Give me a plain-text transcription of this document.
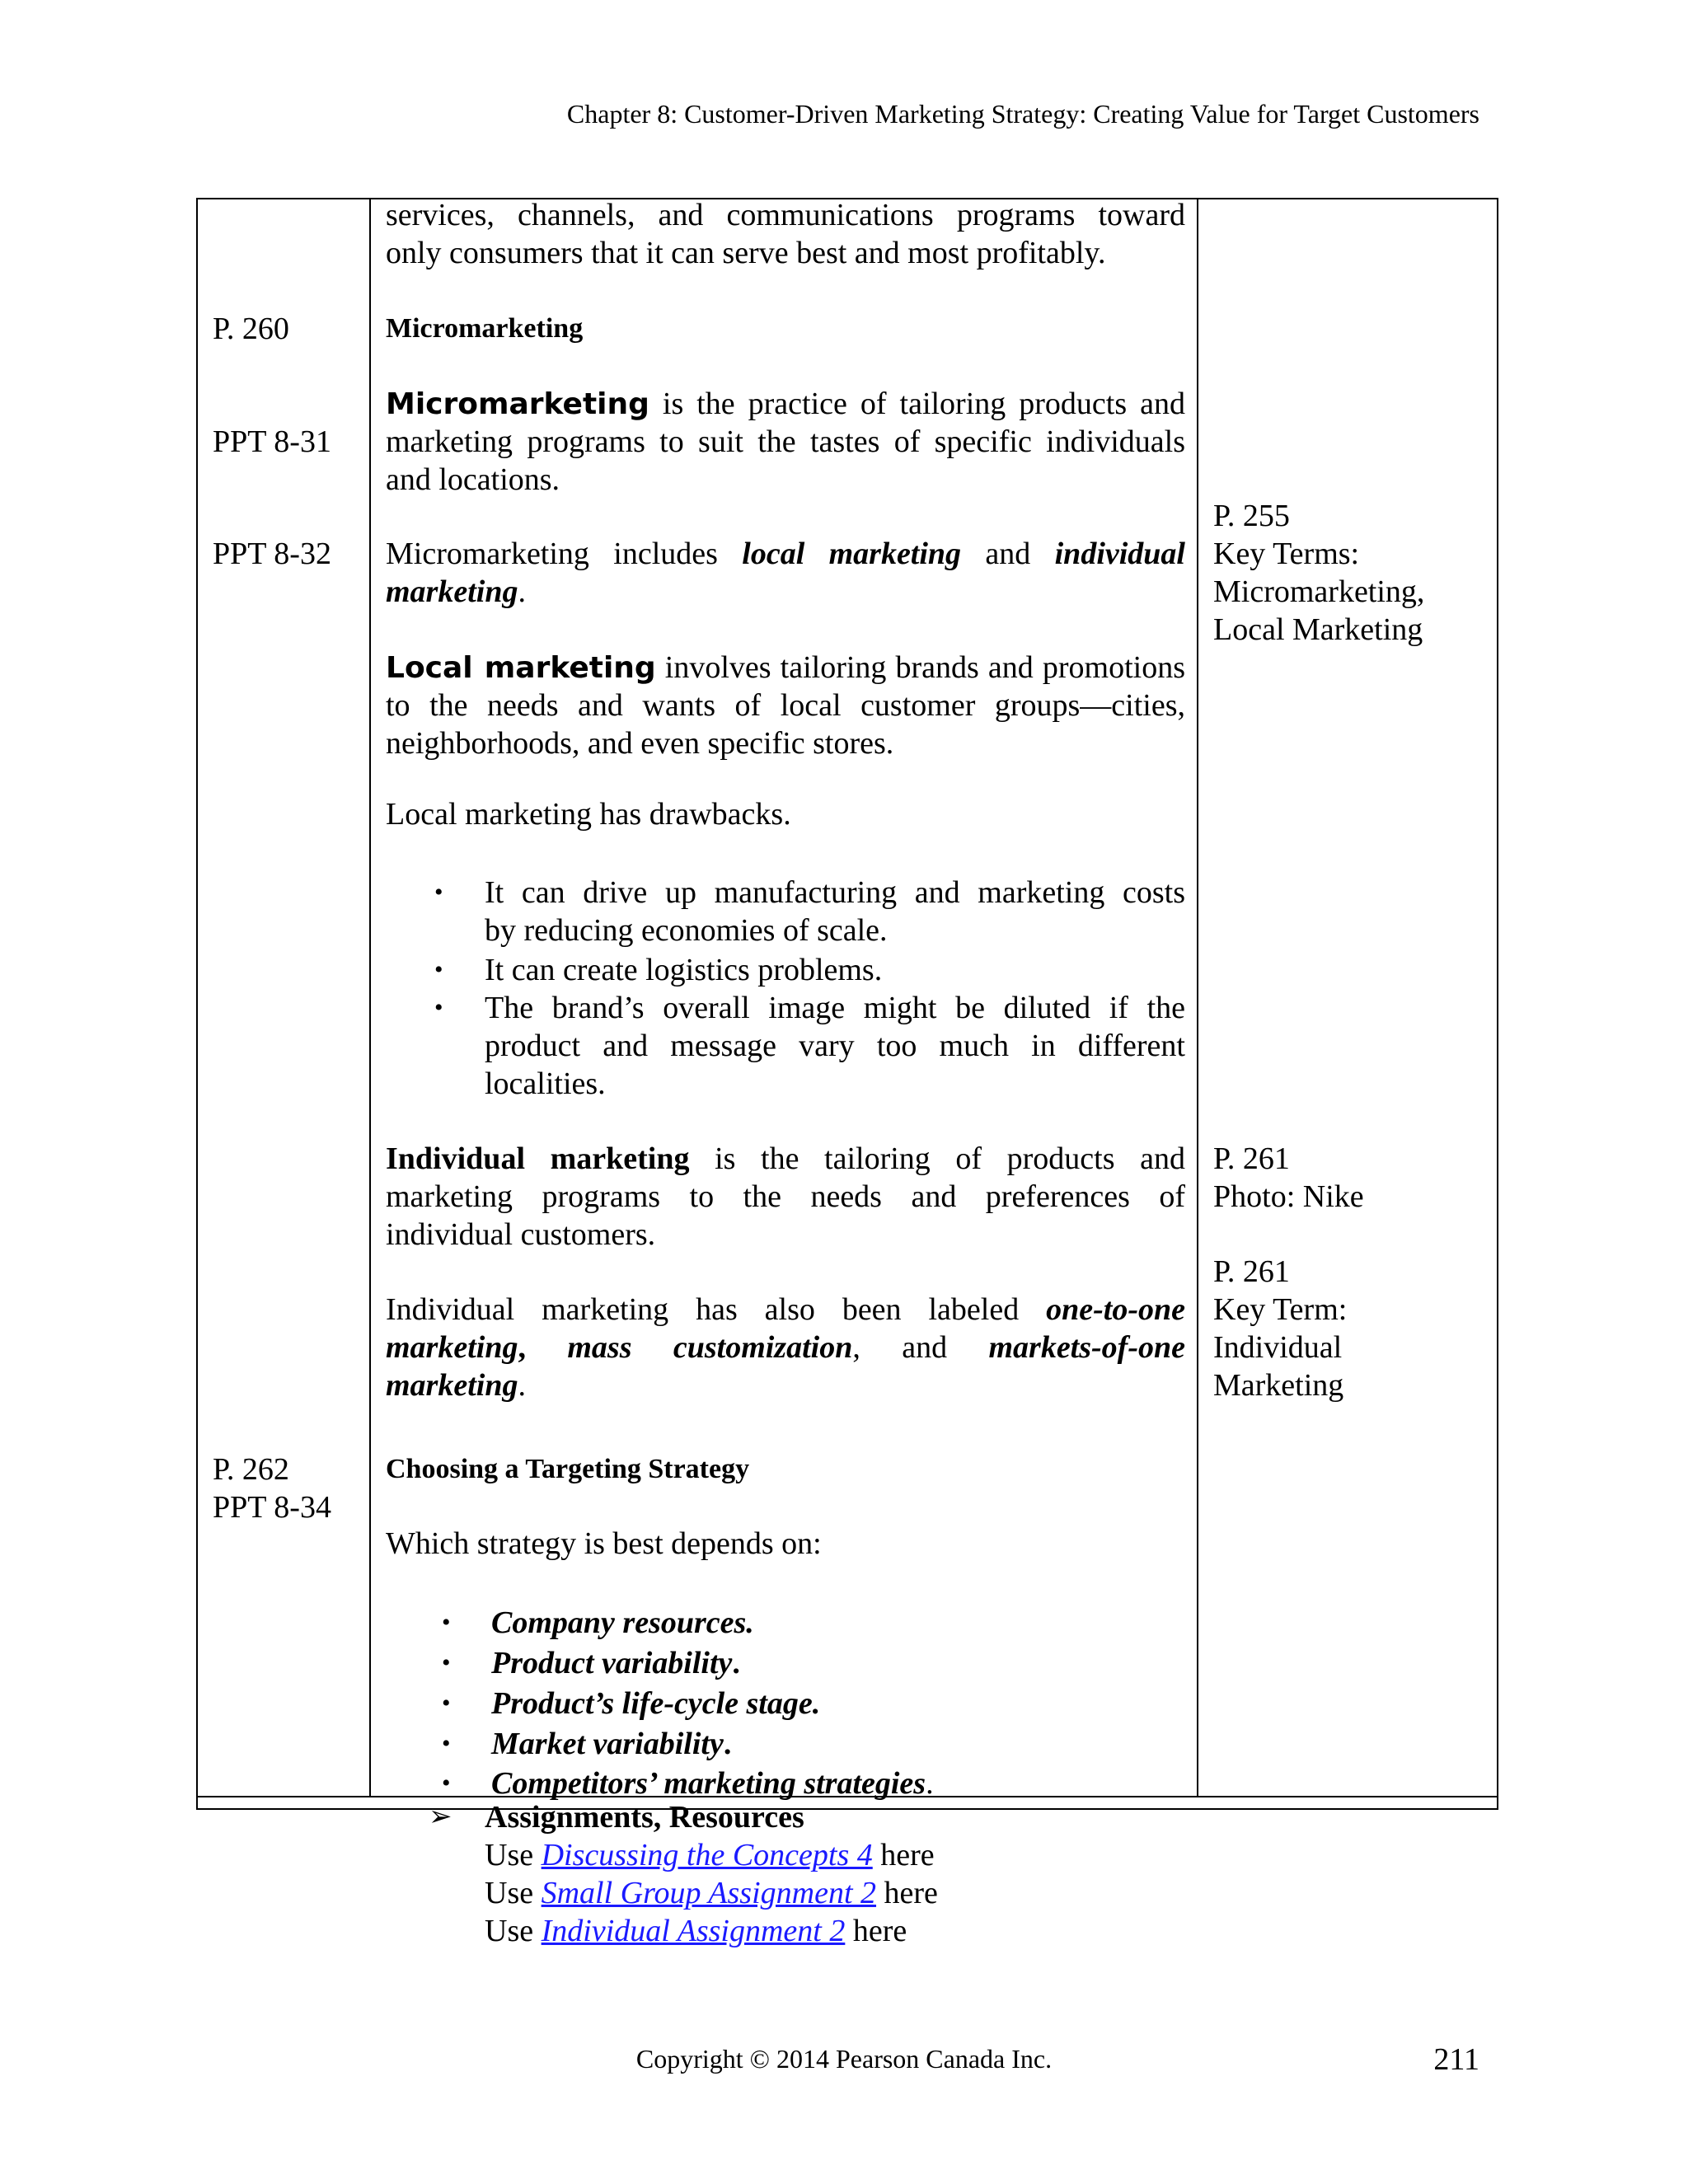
Chapter 8: Customer-Driven Marketing Strategy: Creating Value for Target Customers
P. 260
PPT 8-31
PPT 8-32
P. 262
PPT 8-34
services, channels, and communications programs toward
only consumers that it can serve best and most profitably.
Micromarketing
Micromarketing is the practice of tailoring products and
marketing programs to suit the tastes of specific individuals
and locations.
Micromarketing includes local marketing and individual
marketing.
Local marketing involves tailoring brands and promotions
to the needs and wants of local customer groups—cities,
neighborhoods, and even specific stores.
Local marketing has drawbacks.
• It can drive up manufacturing and marketing costs
by reducing economies of scale.
• It can create logistics problems.
• The brand’s overall image might be diluted if the
product and message vary too much in different
localities.
Individual marketing is the tailoring of products and
marketing programs to the needs and preferences of
individual customers.
Individual marketing has also been labeled one-to-one
marketing, mass customization, and markets-of-one
marketing.
Choosing a Targeting Strategy
Which strategy is best depends on:
• Company resources.
• Product variability.
• Product’s life-cycle stage.
• Market variability.
• Competitors’ marketing strategies.
P. 255
Key Terms:
Micromarketing,
Local Marketing
P. 261
Photo: Nike
P. 261
Key Term:
Individual
Marketing
➢ Assignments, Resources
Use Discussing the Concepts 4 here
Use Small Group Assignment 2 here
Use Individual Assignment 2 here
Copyright © 2014 Pearson Canada Inc.	211
